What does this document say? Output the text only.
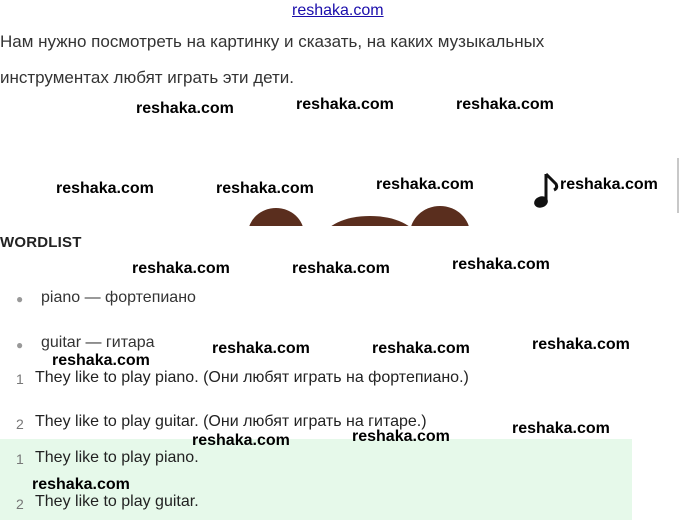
reshaka.com
Нам нужно посмотреть на картинку и сказать, на каких музыкальных
инструментах любят играть эти дети.
WORDLIST
● piano — фортепиано
● guitar — гитара
1 They like to play piano. (Они любят играть на фортепиано.)
2 They like to play guitar. (Они любят играть на гитаре.)
1 They like to play piano.
2 They like to play guitar.
reshaka.com	reshaka.com	reshaka.com
reshaka.com	reshaka.com	reshaka.com	reshaka.com
reshaka.com	reshaka.com	reshaka.com
reshaka.com
reshaka.com	reshaka.com	reshaka.com
reshaka.com	reshaka.com	reshaka.com
reshaka.com
